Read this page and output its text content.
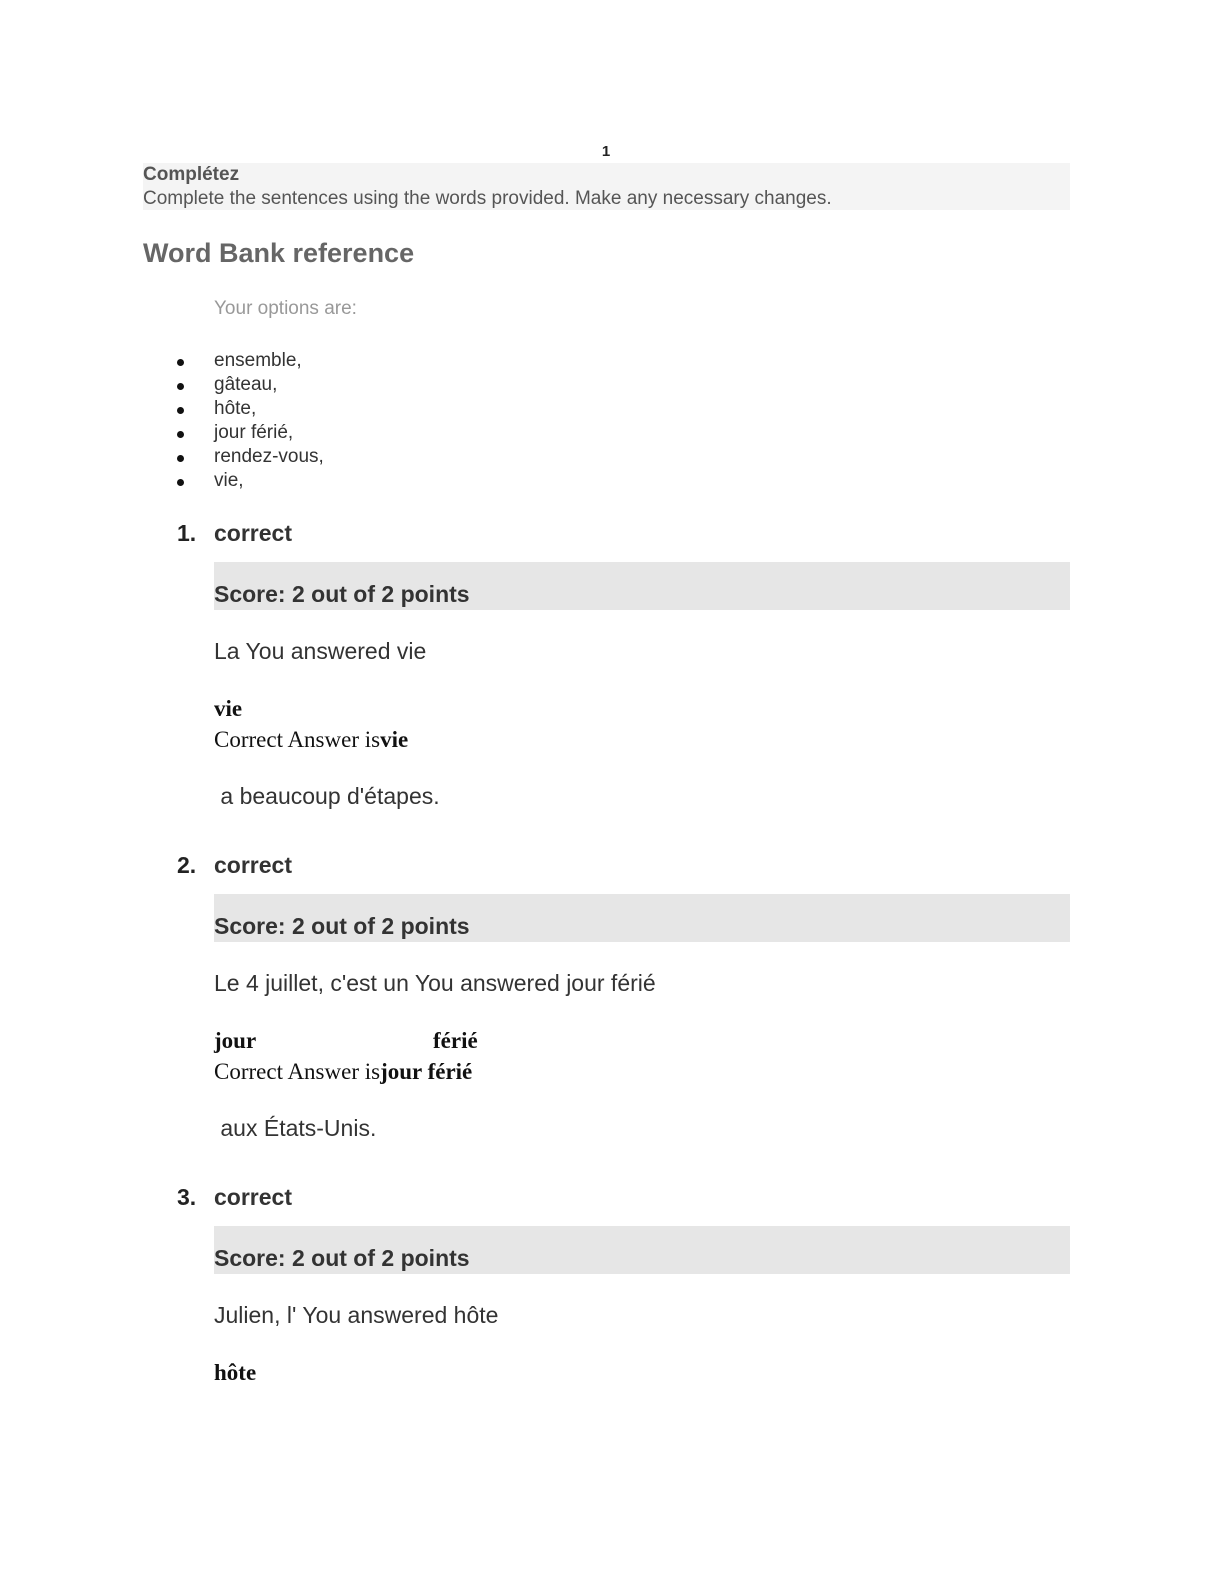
1
Complétez
Complete the sentences using the words provided. Make any necessary changes.
Word Bank reference
Your options are:
ensemble,
gâteau,
hôte,
jour férié,
rendez-vous,
vie,
1. correct
Score: 2 out of 2 points
La You answered vie
vie
Correct Answer isvie
a beaucoup d'étapes.
2. correct
Score: 2 out of 2 points
Le 4 juillet, c'est un You answered jour férié
jour	férié
Correct Answer isjour férié
aux États-Unis.
3. correct
Score: 2 out of 2 points
Julien, l' You answered hôte
hôte
